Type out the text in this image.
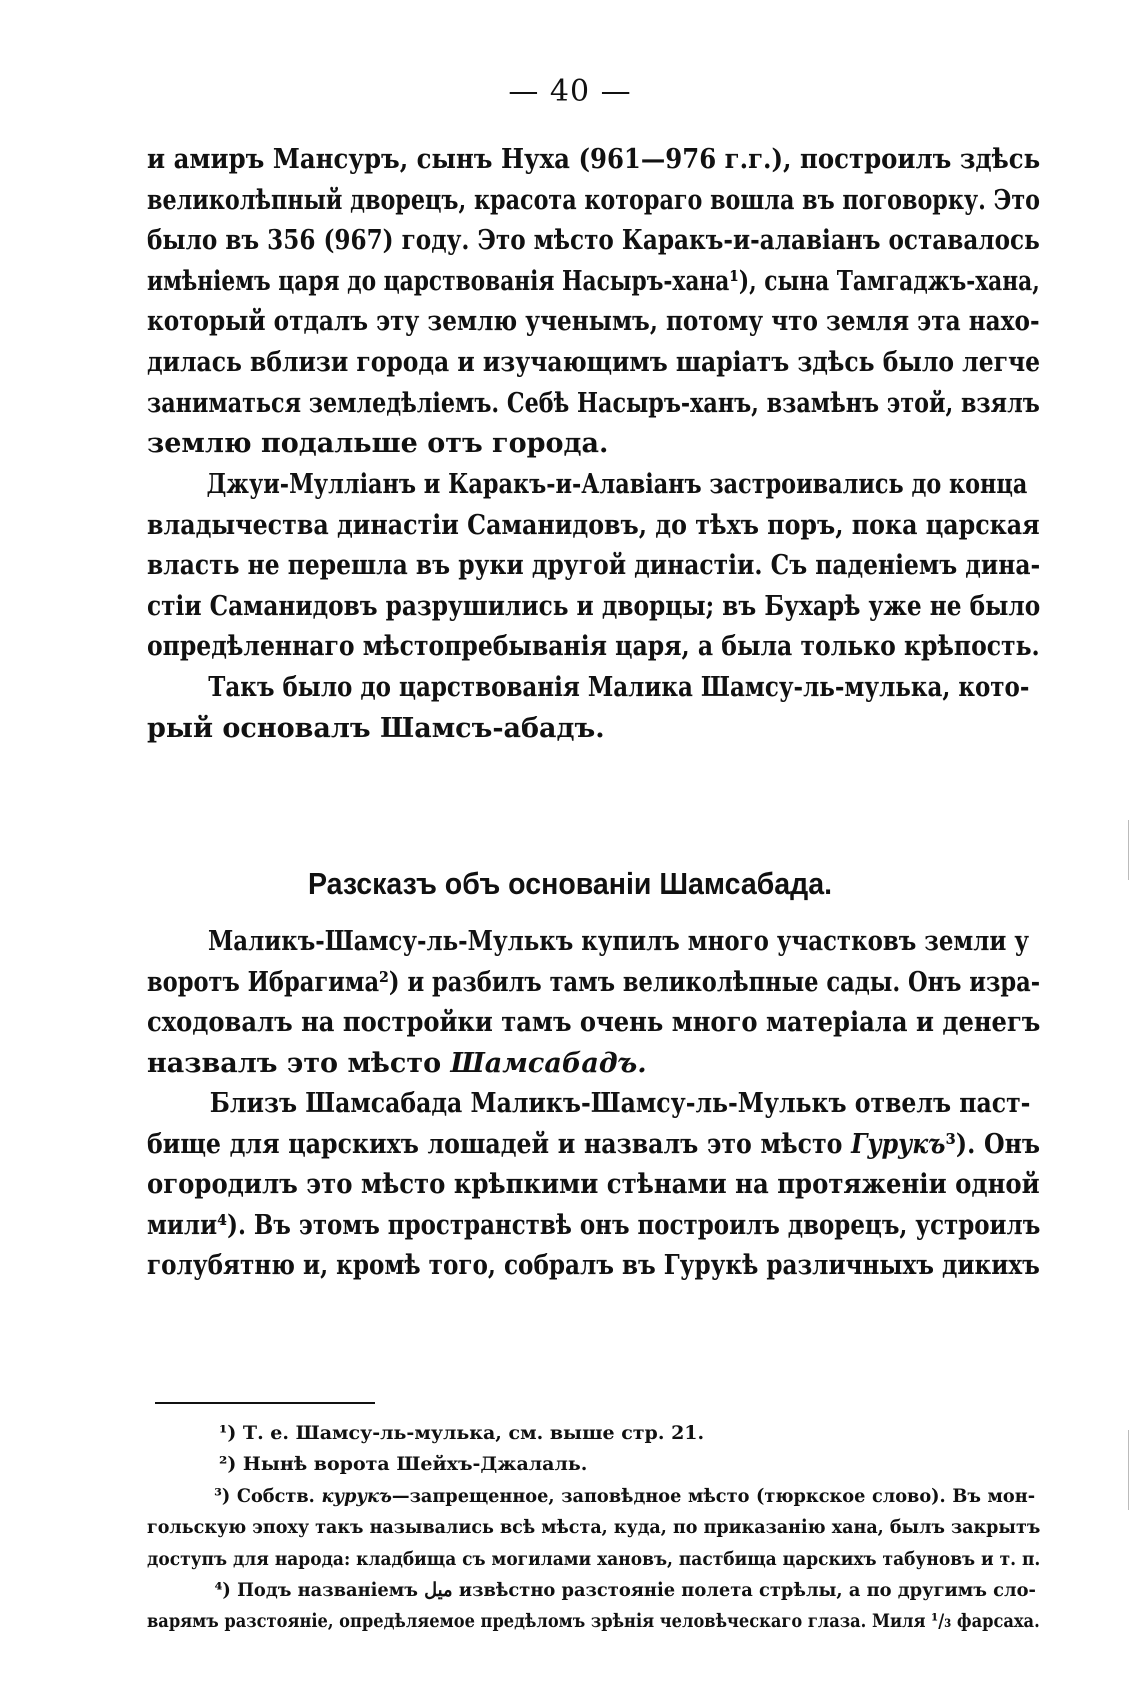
— 40 —
и амиръ Мансуръ, сынъ Нуха (961—976 г.г.), построилъ здѣсь
великолѣпный дворецъ, красота котораго вошла въ поговорку. Это
было въ 356 (967) году. Это мѣсто Каракъ-и-алавіанъ оставалось
имѣніемъ царя до царствованія Насыръ-хана¹), сына Тамгаджъ-хана,
который отдалъ эту землю ученымъ, потому что земля эта нахо-
дилась вблизи города и изучающимъ шаріатъ здѣсь было легче
заниматься земледѣліемъ. Себѣ Насыръ-ханъ, взамѣнъ этой, взялъ
землю подальше отъ города.
Джуи-Мулліанъ и Каракъ-и-Алавіанъ застроивались до конца
владычества династіи Саманидовъ, до тѣхъ поръ, пока царская
власть не перешла въ руки другой династіи. Съ паденіемъ дина-
стіи Саманидовъ разрушились и дворцы; въ Бухарѣ уже не было
опредѣленнаго мѣстопребыванія царя, а была только крѣпость.
Такъ было до царствованія Малика Шамсу-ль-мулька, кото-
рый основалъ Шамсъ-абадъ.
Разсказъ объ основаніи Шамсабада.
Маликъ-Шамсу-ль-Мулькъ купилъ много участковъ земли у
воротъ Ибрагима²) и разбилъ тамъ великолѣпные сады. Онъ изра-
сходовалъ на постройки тамъ очень много матеріала и денегъ
назвалъ это мѣсто Шамсабадъ.
Близъ Шамсабада Маликъ-Шамсу-ль-Мулькъ отвелъ паст-
бище для царскихъ лошадей и назвалъ это мѣсто Гурукъ³). Онъ
огородилъ это мѣсто крѣпкими стѣнами на протяженіи одной
мили⁴). Въ этомъ пространствѣ онъ построилъ дворецъ, устроилъ
голубятню и, кромѣ того, собралъ въ Гурукѣ различныхъ дикихъ
¹) Т. е. Шамсу-ль-мулька, см. выше стр. 21.
²) Нынѣ ворота Шейхъ-Джалаль.
³) Собств. курукъ—запрещенное, заповѣдное мѣсто (тюркское слово). Въ мон-
гольскую эпоху такъ назывались всѣ мѣста, куда, по приказанію хана, былъ закрытъ
доступъ для народа: кладбища съ могилами хановъ, пастбища царскихъ табуновъ и т. п.
⁴) Подъ названіемъ میل извѣстно разстояніе полета стрѣлы, а по другимъ сло-
варямъ разстояніе, опредѣляемое предѣломъ зрѣнія человѣческаго глаза. Миля ¹/₃ фарсаха.
